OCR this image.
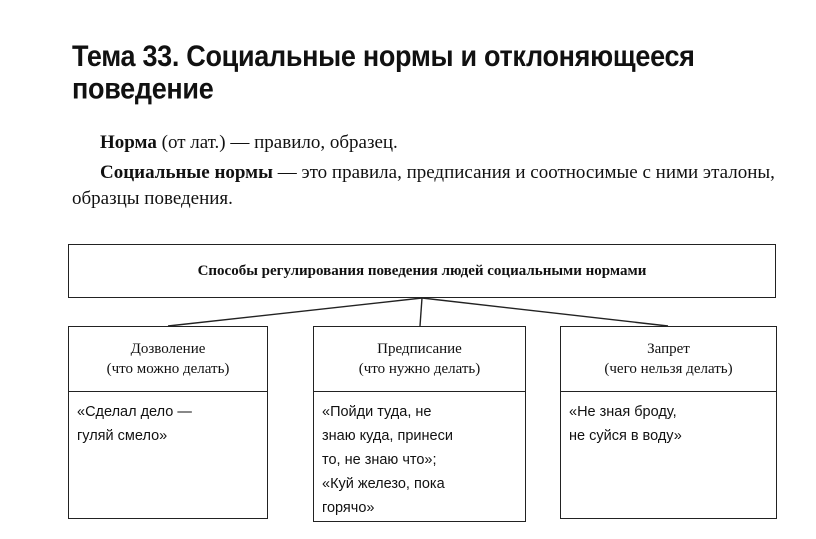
Тема 33. Социальные нормы и отклоняющееся
поведение

Норма (от лат.) — правило, образец.

Социальные нормы — это правила, предписания и соотносимые с ними эталоны, образцы поведения.

Способы регулирования поведения людей социальными нормами
Дозволение
(что можно делать)
«Сделал дело —
гуляй смело»
Предписание
(что нужно делать)
«Пойди туда, не
знаю куда, принеси
то, не знаю что»;
«Куй железо, пока
горячо»
Запрет
(чего нельзя делать)
«Не зная броду,
не суйся в воду»
